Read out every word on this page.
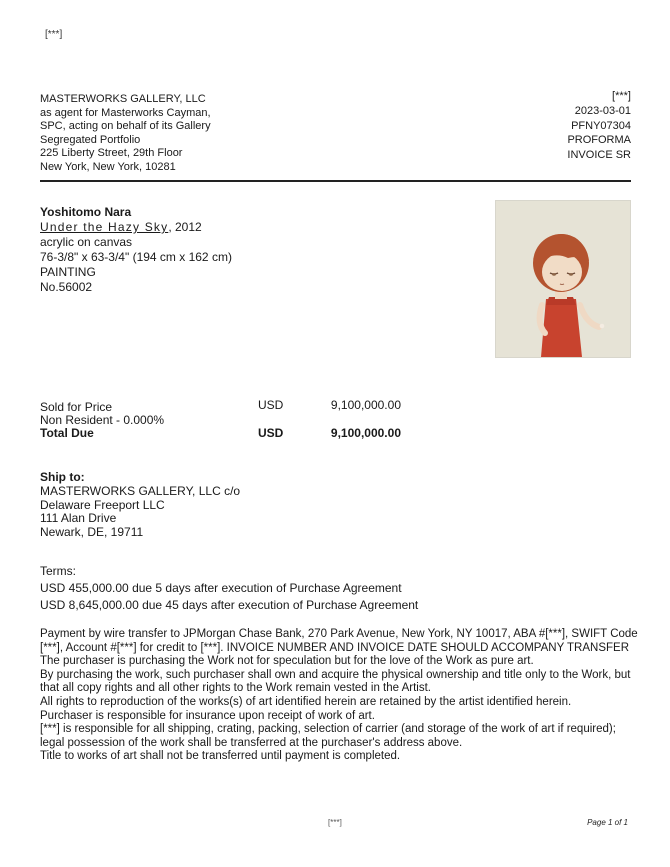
[***]
MASTERWORKS GALLERY, LLC
as agent for Masterworks Cayman,
SPC, acting on behalf of its Gallery
Segregated Portfolio
225 Liberty Street, 29th Floor
New York, New York, 10281
[***]
2023-03-01
PFNY07304
PROFORMA
INVOICE SR
Yoshitomo Nara
Under the Hazy Sky, 2012
acrylic on canvas
76-3/8" x 63-3/4" (194 cm x 162 cm)
PAINTING
No.56002
Sold for Price	USD	9,100,000.00
Non Resident - 0.000%
Total Due	USD	9,100,000.00
Ship to:
MASTERWORKS GALLERY, LLC c/o
Delaware Freeport LLC
111 Alan Drive
Newark, DE, 19711
Terms:
USD 455,000.00 due 5 days after execution of Purchase Agreement
USD 8,645,000.00 due 45 days after execution of Purchase Agreement
Payment by wire transfer to JPMorgan Chase Bank, 270 Park Avenue, New York, NY 10017, ABA #[***], SWIFT Code [***], Account #[***] for credit to [***]. INVOICE NUMBER AND INVOICE DATE SHOULD ACCOMPANY TRANSFER
The purchaser is purchasing the Work not for speculation but for the love of the Work as pure art.
By purchasing the work, such purchaser shall own and acquire the physical ownership and title only to the Work, but that all copy rights and all other rights to the Work remain vested in the Artist.
All rights to reproduction of the works(s) of art identified herein are retained by the artist identified herein.
Purchaser is responsible for insurance upon receipt of work of art.
[***] is responsible for all shipping, crating, packing, selection of carrier (and storage of the work of art if required); legal possession of the work shall be transferred at the purchaser's address above.
Title to works of art shall not be transferred until payment is completed.
[***]	Page 1 of 1
